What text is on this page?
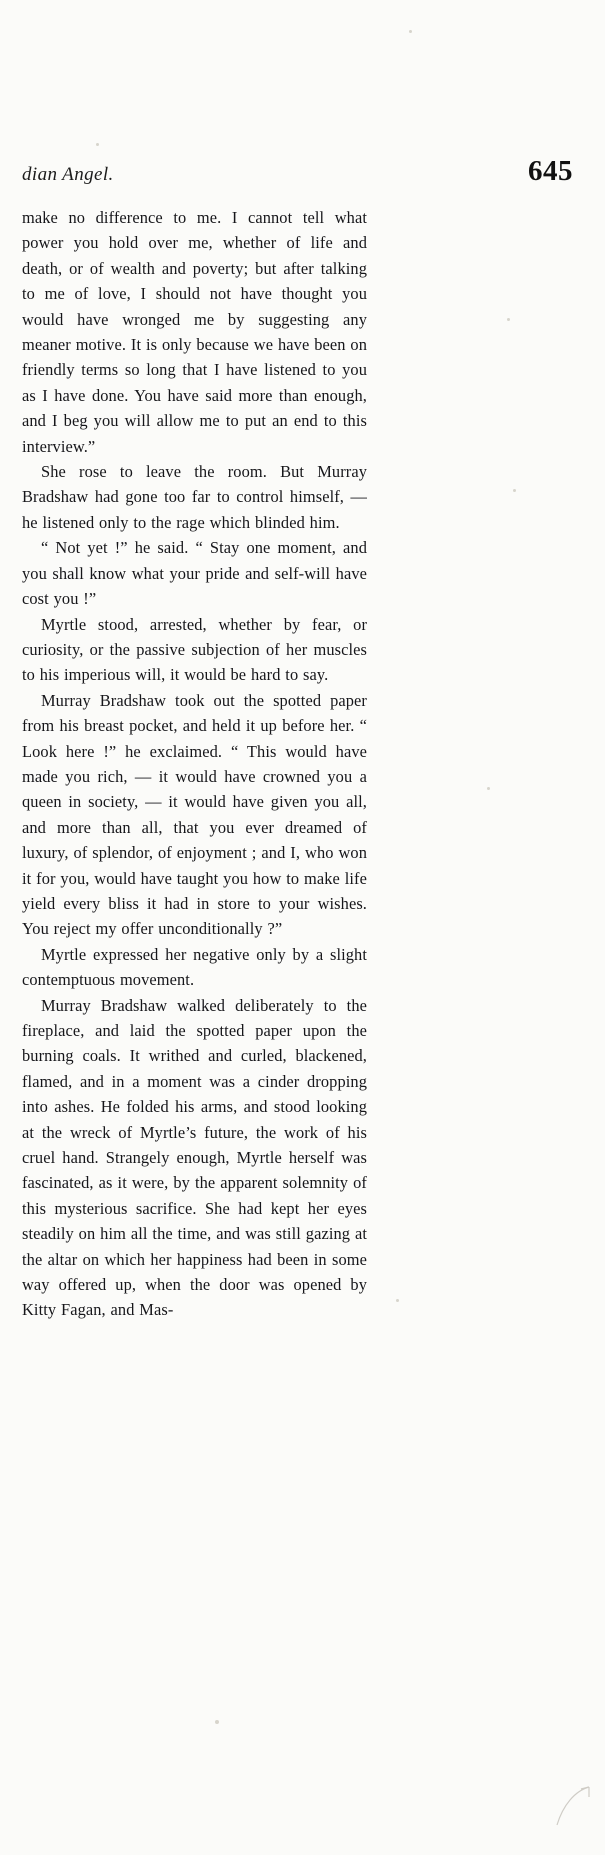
dian Angel.	645

make no difference to me. I cannot tell what power you hold over me, whether of life and death, or of wealth and poverty; but after talking to me of love, I should not have thought you would have wronged me by suggesting any meaner motive. It is only because we have been on friendly terms so long that I have listened to you as I have done. You have said more than enough, and I beg you will allow me to put an end to this interview.”

She rose to leave the room. But Murray Bradshaw had gone too far to control himself, — he listened only to the rage which blinded him.

“ Not yet !” he said. “ Stay one moment, and you shall know what your pride and self-will have cost you !”

Myrtle stood, arrested, whether by fear, or curiosity, or the passive subjection of her muscles to his imperious will, it would be hard to say.

Murray Bradshaw took out the spotted paper from his breast pocket, and held it up before her. “ Look here !” he exclaimed. “ This would have made you rich, — it would have crowned you a queen in society, — it would have given you all, and more than all, that you ever dreamed of luxury, of splendor, of enjoyment ; and I, who won it for you, would have taught you how to make life yield every bliss it had in store to your wishes. You reject my offer unconditionally ?”

Myrtle expressed her negative only by a slight contemptuous movement.

Murray Bradshaw walked deliberately to the fireplace, and laid the spotted paper upon the burning coals. It writhed and curled, blackened, flamed, and in a moment was a cinder dropping into ashes. He folded his arms, and stood looking at the wreck of Myrtle’s future, the work of his cruel hand. Strangely enough, Myrtle herself was fascinated, as it were, by the apparent solemnity of this mysterious sacrifice. She had kept her eyes steadily on him all the time, and was still gazing at the altar on which her happiness had been in some way offered up, when the door was opened by Kitty Fagan, and Mas-
